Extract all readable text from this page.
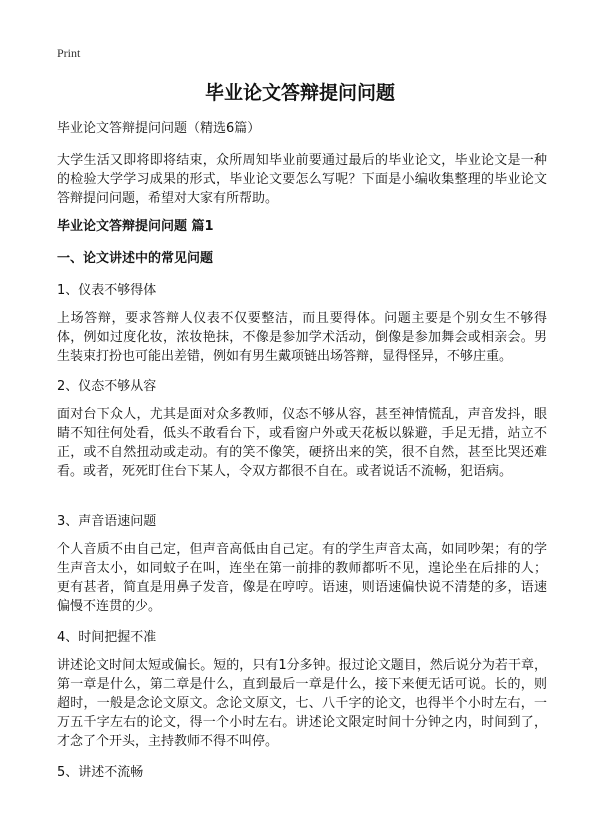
Print
毕业论文答辩提问问题

毕业论文答辩提问问题（精选6篇）

大学生活又即将即将结束，众所周知毕业前要通过最后的毕业论文，毕业论文是一种的检验大学学习成果的形式，毕业论文要怎么写呢？下面是小编收集整理的毕业论文答辩提问问题，希望对大家有所帮助。

毕业论文答辩提问问题 篇1

一、论文讲述中的常见问题

1、仪表不够得体

上场答辩，要求答辩人仪表不仅要整洁，而且要得体。问题主要是个别女生不够得体，例如过度化妆，浓妆艳抹，不像是参加学术活动，倒像是参加舞会或相亲会。男生装束打扮也可能出差错，例如有男生戴项链出场答辩，显得怪异，不够庄重。

2、仪态不够从容

面对台下众人，尤其是面对众多教师，仪态不够从容，甚至神情慌乱，声音发抖，眼睛不知往何处看，低头不敢看台下，或看窗户外或天花板以躲避，手足无措，站立不正，或不自然扭动或走动。有的笑不像笑，硬挤出来的笑，很不自然，甚至比哭还难看。或者，死死盯住台下某人，令双方都很不自在。或者说话不流畅，犯语病。

3、声音语速问题

个人音质不由自己定，但声音高低由自己定。有的学生声音太高，如同吵架；有的学生声音太小，如同蚊子在叫，连坐在第一前排的教师都听不见，遑论坐在后排的人；更有甚者，简直是用鼻子发音，像是在哼哼。语速，则语速偏快说不清楚的多，语速偏慢不连贯的少。

4、时间把握不准

讲述论文时间太短或偏长。短的，只有1分多钟。报过论文题目，然后说分为若干章，第一章是什么，第二章是什么，直到最后一章是什么，接下来便无话可说。长的，则超时，一般是念论文原文。念论文原文，七、八千字的论文，也得半个小时左右，一万五千字左右的论文，得一个小时左右。讲述论文限定时间十分钟之内，时间到了，才念了个开头，主持教师不得不叫停。

5、讲述不流畅
